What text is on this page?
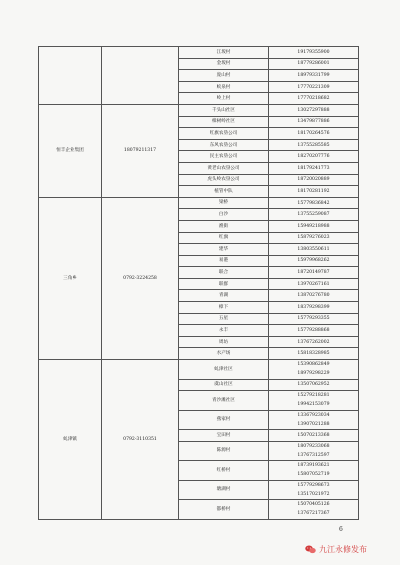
		江坂村	19179355900

		金坂村	18779286001

		庞山村	18979331799

		蚁泉村	17770221309

		岭上村	17770218682

恒丰企业集团	18079211317	千头山社区	13027297888

		樟树岭社区	13479877886

		红旗农垦公司	18170264576

		东风农垦公司	13755285585

		民主农垦公司	18270207776

		黄老山农垦公司	18179241773

		虎头岭农垦公司	18720020889

		植管中队	18170281192

三角乡	0792-3224258	梁桥	15779836842

		白沙	13755259087

		渔街	15949218988

		红旗	15879276023

		建华	13803550611

		易港	15979968262

		联合	18720149787

		联群	13970267161

		青湖	13870276780

		樟下	18379298399

		五星	15779293355

		永丰	15779288868

		周坊	13767262002

		水产场	15818328985

虬津镇	0792-3110351	虬津社区	15390862849
18979298229

		虞山社区	13507062952

		青沙滩社区	15279218281
19942153079

		燕家村	13367923034
13907021288

		宝田村	15070213368

		陈源村	18079233068
13767312597

		红桥村	18739193621
15807052719

		塘湖村	15779298673
13517021972

		都桥村	15070405126
13767217367
6
九江永修发布
